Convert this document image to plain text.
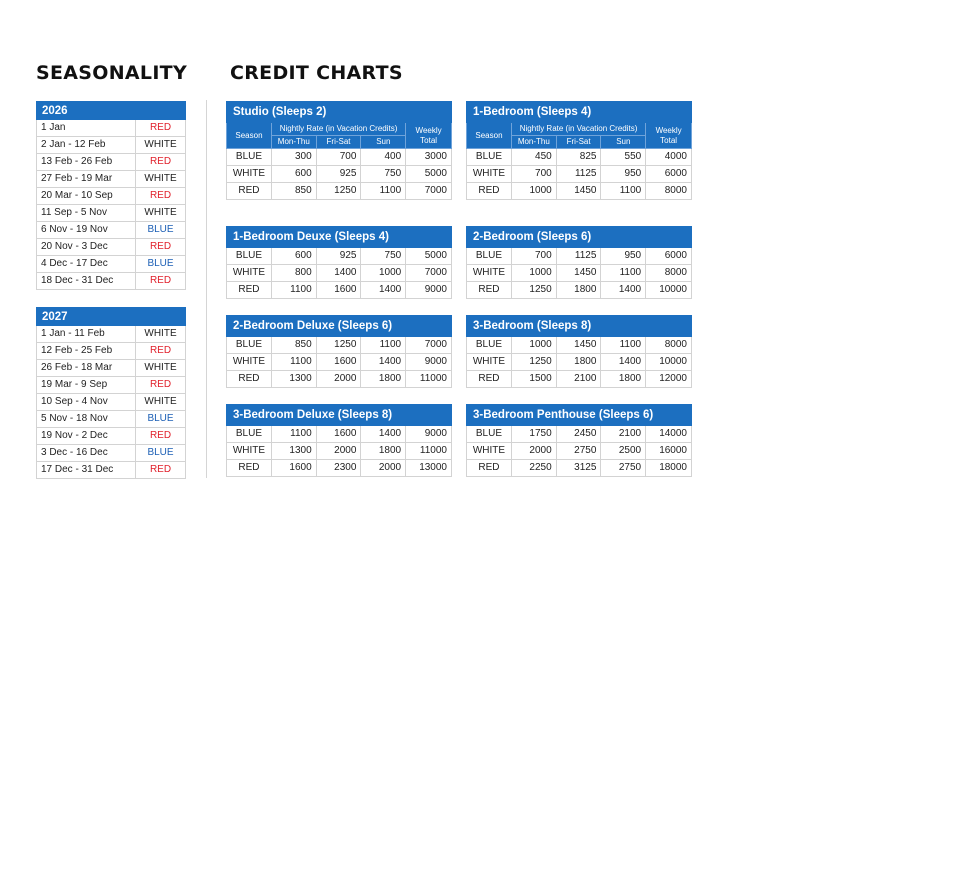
SEASONALITY CREDIT CHARTS
2026	
1 Jan	RED
2 Jan - 12 Feb	WHITE
13 Feb - 26 Feb	RED
27 Feb - 19 Mar	WHITE
20 Mar - 10 Sep	RED
11 Sep - 5 Nov	WHITE
6 Nov - 19 Nov	BLUE
20 Nov - 3 Dec	RED
4 Dec - 17 Dec	BLUE
18 Dec - 31 Dec	RED
2027	
1 Jan - 11 Feb	WHITE
12 Feb - 25 Feb	RED
26 Feb - 18 Mar	WHITE
19 Mar - 9 Sep	RED
10 Sep - 4 Nov	WHITE
5 Nov - 18 Nov	BLUE
19 Nov - 2 Dec	RED
3 Dec - 16 Dec	BLUE
17 Dec - 31 Dec	RED
Studio (Sleeps 2)				
Season	Nightly Rate (in Vacation Credits)			Weekly Total
	Mon-Thu	Fri-Sat	Sun	
BLUE	300	700	400	3000
WHITE	600	925	750	5000
RED	850	1250	1100	7000
1-Bedroom (Sleeps 4)				
Season	Nightly Rate (in Vacation Credits)			Weekly Total
	Mon-Thu	Fri-Sat	Sun	
BLUE	450	825	550	4000
WHITE	700	1125	950	6000
RED	1000	1450	1100	8000
1-Bedroom Deuxe (Sleeps 4)				
BLUE	600	925	750	5000
WHITE	800	1400	1000	7000
RED	1100	1600	1400	9000
2-Bedroom (Sleeps 6)				
BLUE	700	1125	950	6000
WHITE	1000	1450	1100	8000
RED	1250	1800	1400	10000
2-Bedroom Deluxe (Sleeps 6)				
BLUE	850	1250	1100	7000
WHITE	1100	1600	1400	9000
RED	1300	2000	1800	11000
3-Bedroom (Sleeps 8)				
BLUE	1000	1450	1100	8000
WHITE	1250	1800	1400	10000
RED	1500	2100	1800	12000
3-Bedroom Deluxe (Sleeps 8)				
BLUE	1100	1600	1400	9000
WHITE	1300	2000	1800	11000
RED	1600	2300	2000	13000
3-Bedroom Penthouse (Sleeps 6)				
BLUE	1750	2450	2100	14000
WHITE	2000	2750	2500	16000
RED	2250	3125	2750	18000
